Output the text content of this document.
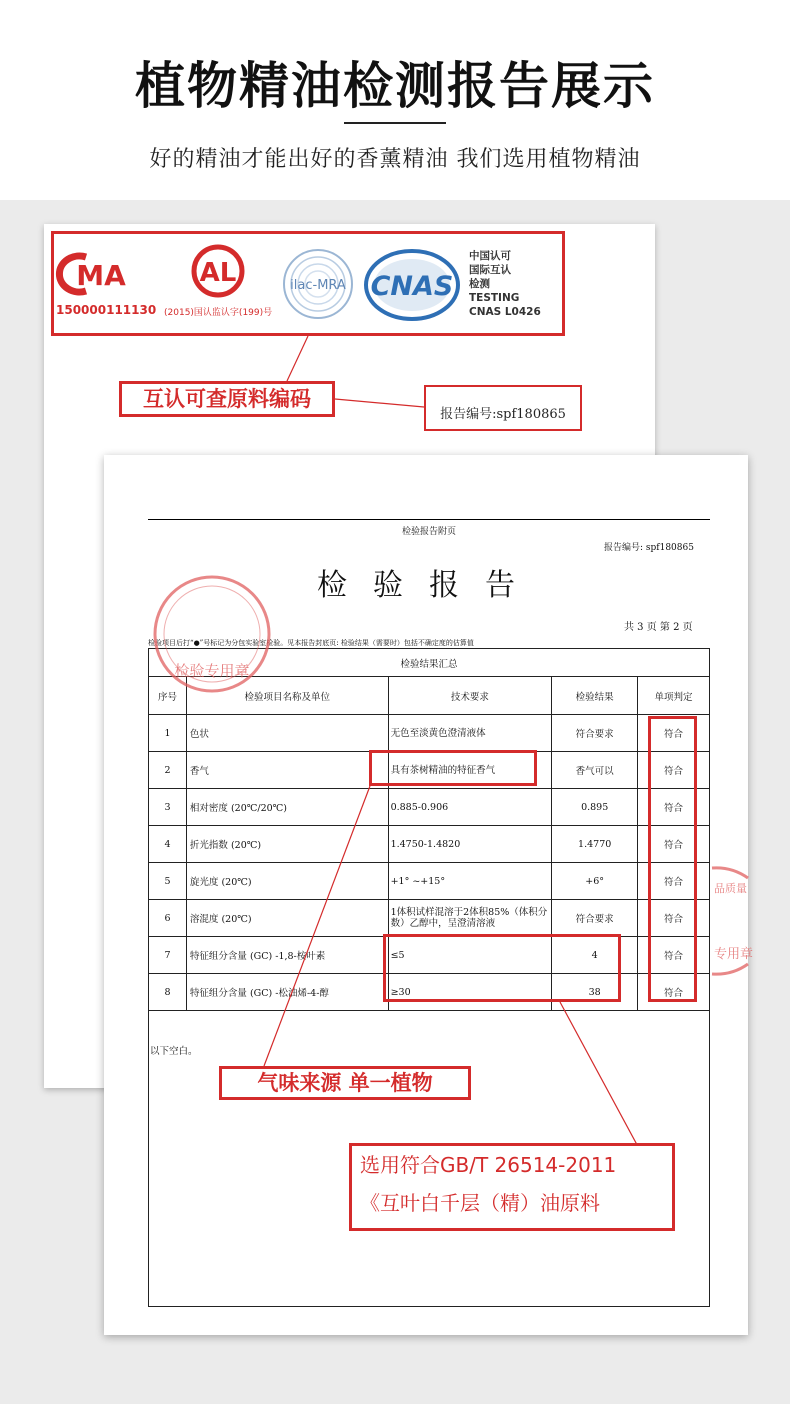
植物精油检测报告展示

好的精油才能出好的香薰精油 我们选用植物精油

MA
150000111130
AL
(2015)国认监认字(199)号
ilac-MRA CNAS
中国认可
国际互认
检测
TESTING
CNAS L0426
检验报告附页
报告编号: spf180865
检验报告
共 3 页 第 2 页
检验项目后打“●”号标记为分包实验室检验。见本报告封底页: 检验结果（需要时）包括不确定度的估算值
检验结果汇总				
序号	检验项目名称及单位	技术要求	检验结果	单项判定
1	色状	无色至淡黄色澄清液体	符合要求	符合
2	香气	具有茶树精油的特征香气	香气可以	符合
3	相对密度 (20℃/20℃)	0.885-0.906	0.895	符合
4	折光指数 (20℃)	1.4750-1.4820	1.4770	符合
5	旋光度 (20℃)	+1° ~+15°	+6°	符合
6	溶混度 (20℃)	1体积试样混溶于2体积85%（体积分数）乙醇中，呈澄清溶液	符合要求	符合
7	特征组分含量 (GC) -1,8-桉叶素	≤5	4	符合
8	特征组分含量 (GC) -松油烯-4-醇	≥30	38	符合
以下空白。
检验专用章
品质量
专用章
互认可查原料编码
报告编号:spf180865
气味来源 单一植物
选用符合GB/T 26514-2011
《互叶白千层（精）油原料
